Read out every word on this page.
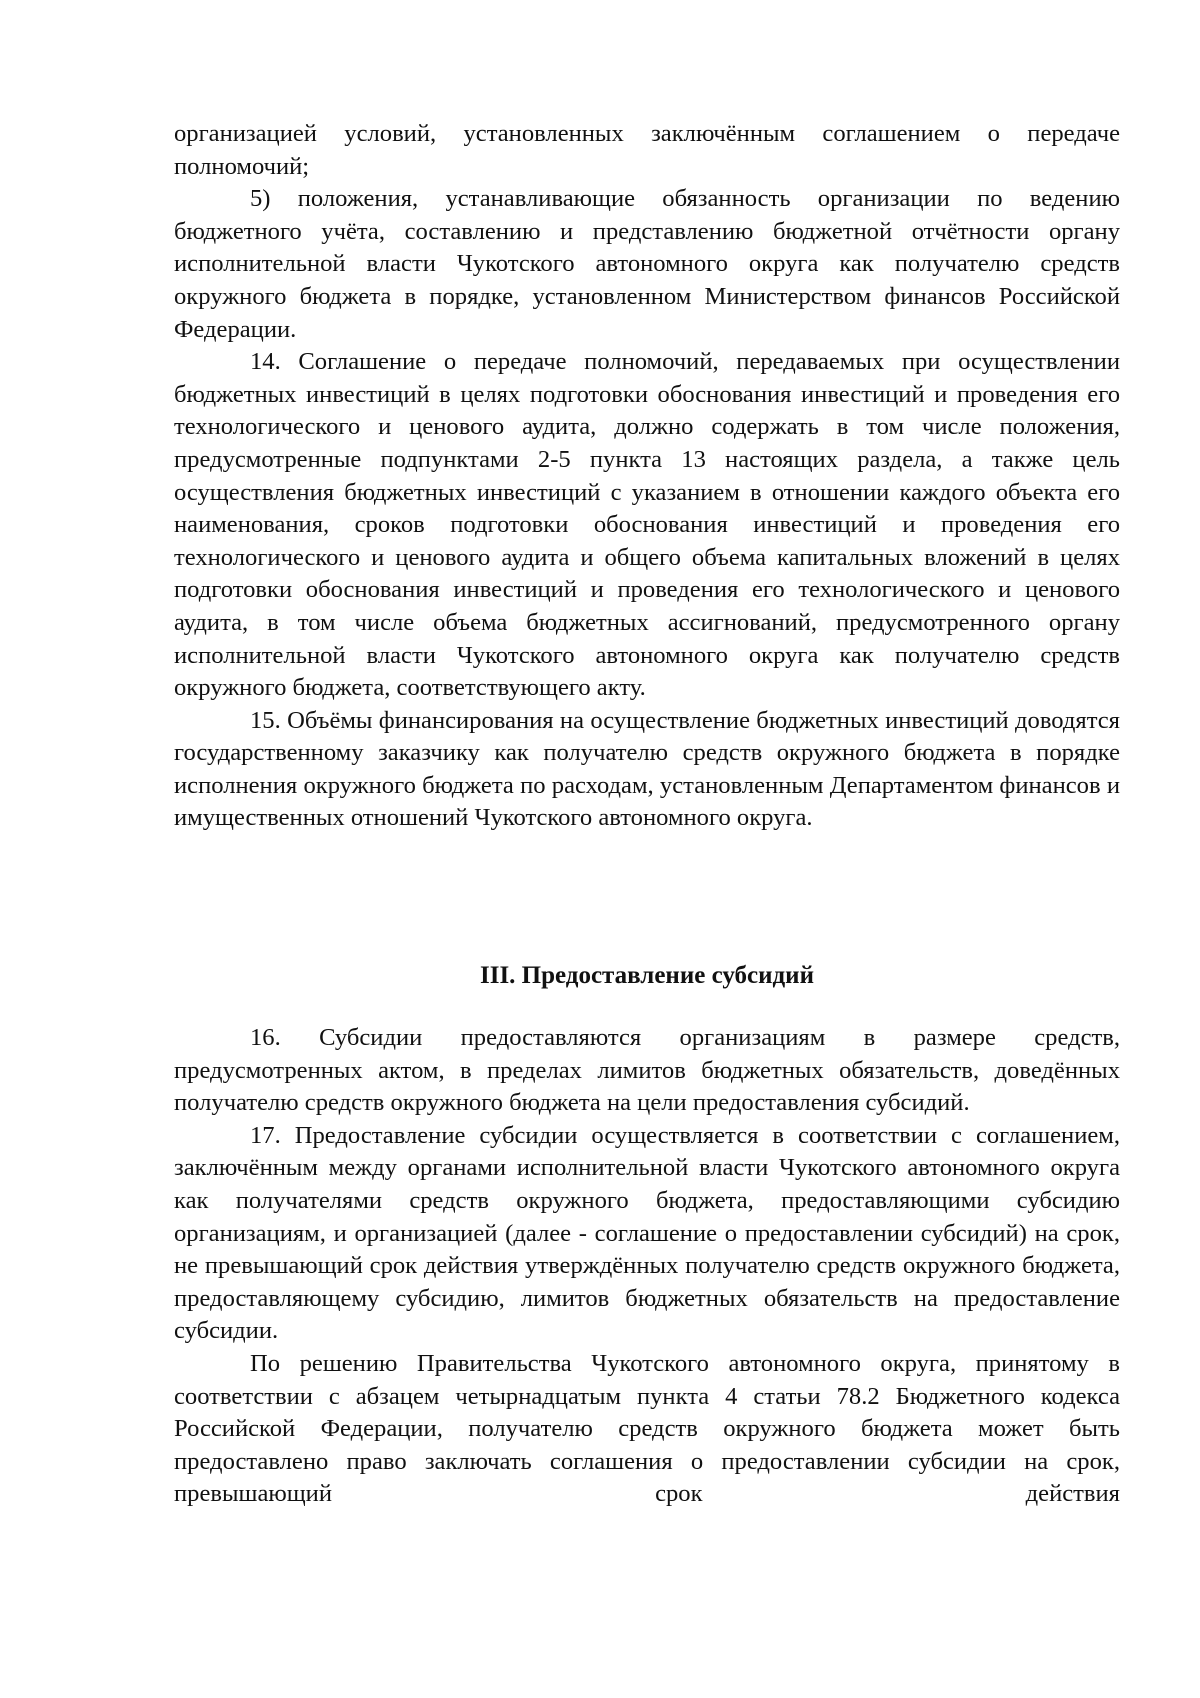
организацией условий, установленных заключённым соглашением о передаче полномочий;

5) положения, устанавливающие обязанность организации по ведению бюджетного учёта, составлению и представлению бюджетной отчётности органу исполнительной власти Чукотского автономного округа как получателю средств окружного бюджета в порядке, установленном Министерством финансов Российской Федерации.

14. Соглашение о передаче полномочий, передаваемых при осуществлении бюджетных инвестиций в целях подготовки обоснования инвестиций и проведения его технологического и ценового аудита, должно содержать в том числе положения, предусмотренные подпунктами 2-5 пункта 13 настоящих раздела, а также цель осуществления бюджетных инвестиций с указанием в отношении каждого объекта его наименования, сроков подготовки обоснования инвестиций и проведения его технологического и ценового аудита и общего объема капитальных вложений в целях подготовки обоснования инвестиций и проведения его технологического и ценового аудита, в том числе объема бюджетных ассигнований, предусмотренного органу исполнительной власти Чукотского автономного округа как получателю средств окружного бюджета, соответствующего акту.

15. Объёмы финансирования на осуществление бюджетных инвестиций доводятся государственному заказчику как получателю средств окружного бюджета в порядке исполнения окружного бюджета по расходам, установленным Департаментом финансов и имущественных отношений Чукотского автономного округа.

III. Предоставление субсидий

16. Субсидии предоставляются организациям в размере средств, предусмотренных актом, в пределах лимитов бюджетных обязательств, доведённых получателю средств окружного бюджета на цели предоставления субсидий.

17. Предоставление субсидии осуществляется в соответствии с соглашением, заключённым между органами исполнительной власти Чукотского автономного округа как получателями средств окружного бюджета, предоставляющими субсидию организациям, и организацией (далее - соглашение о предоставлении субсидий) на срок, не превышающий срок действия утверждённых получателю средств окружного бюджета, предоставляющему субсидию, лимитов бюджетных обязательств на предоставление субсидии.

По решению Правительства Чукотского автономного округа, принятому в соответствии с абзацем четырнадцатым пункта 4 статьи 78.2 Бюджетного кодекса Российской Федерации, получателю средств окружного бюджета может быть предоставлено право заключать соглашения о предоставлении субсидии на срок, превышающий срок действия
